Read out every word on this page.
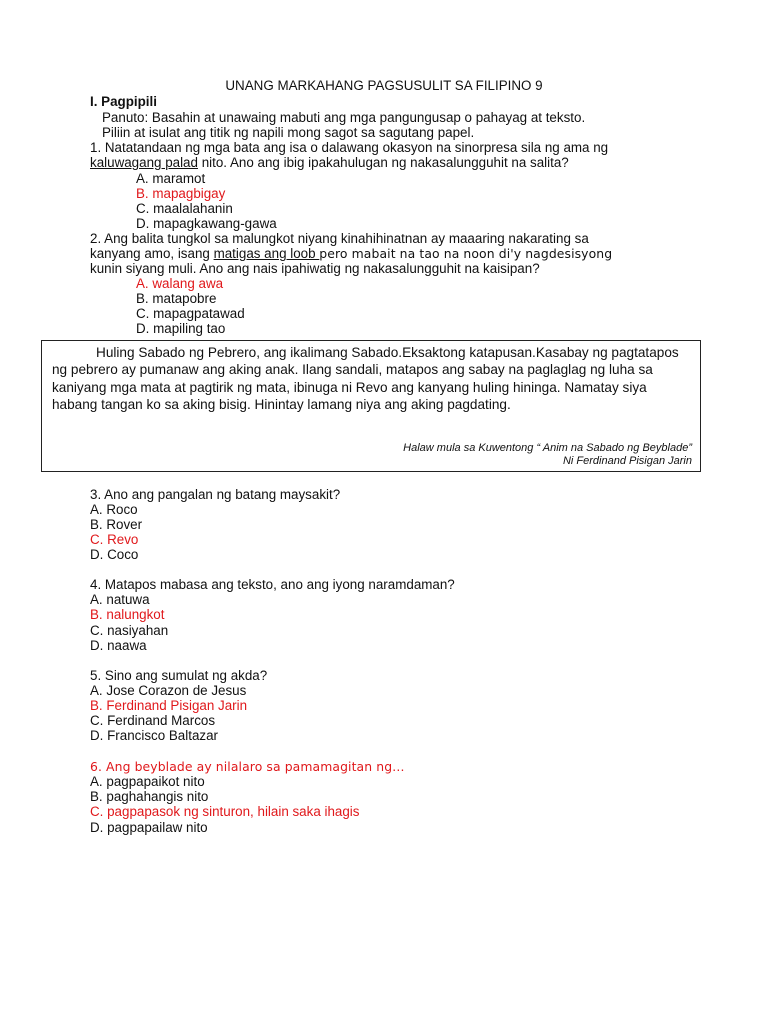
UNANG MARKAHANG PAGSUSULIT SA FILIPINO 9
I. Pagpipili
Panuto: Basahin at unawaing mabuti ang mga pangungusap o pahayag at teksto.
Piliin at isulat ang titik ng napili mong sagot sa sagutang papel.
1. Natatandaan ng mga bata ang isa o dalawang okasyon na sinorpresa sila ng ama ng
kaluwagang palad nito. Ano ang ibig ipakahulugan ng nakasalungguhit na salita?
A. maramot
B. mapagbigay
C. maalalahanin
D. mapagkawang-gawa
2. Ang balita tungkol sa malungkot niyang kinahihinatnan ay maaaring nakarating sa
kanyang amo, isang matigas ang loob pero mabait na tao na noon di'y nagdesisyong
kunin siyang muli. Ano ang nais ipahiwatig ng nakasalungguhit na kaisipan?
A. walang awa
B. matapobre
C. mapagpatawad
D. mapiling tao

Huling Sabado ng Pebrero, ang ikalimang Sabado.Eksaktong katapusan.Kasabay ng pagtatapos ng pebrero ay pumanaw ang aking anak. Ilang sandali, matapos ang sabay na paglaglag ng luha sa kaniyang mga mata at pagtirik ng mata, ibinuga ni Revo ang kanyang huling hininga. Namatay siya habang tangan ko sa aking bisig. Hinintay lamang niya ang aking pagdating.

Halaw mula sa Kuwentong “ Anim na Sabado ng Beyblade”
Ni Ferdinand Pisigan Jarin
3. Ano ang pangalan ng batang maysakit?
A. Roco
B. Rover
C. Revo
D. Coco
4. Matapos mabasa ang teksto, ano ang iyong naramdaman?
A. natuwa
B. nalungkot
C. nasiyahan
D. naawa
5. Sino ang sumulat ng akda?
A. Jose Corazon de Jesus
B. Ferdinand Pisigan Jarin
C. Ferdinand Marcos
D. Francisco Baltazar
6. Ang beyblade ay nilalaro sa pamamagitan ng…
A. pagpapaikot nito
B. paghahangis nito
C. pagpapasok ng sinturon, hilain saka ihagis
D. pagpapailaw nito
